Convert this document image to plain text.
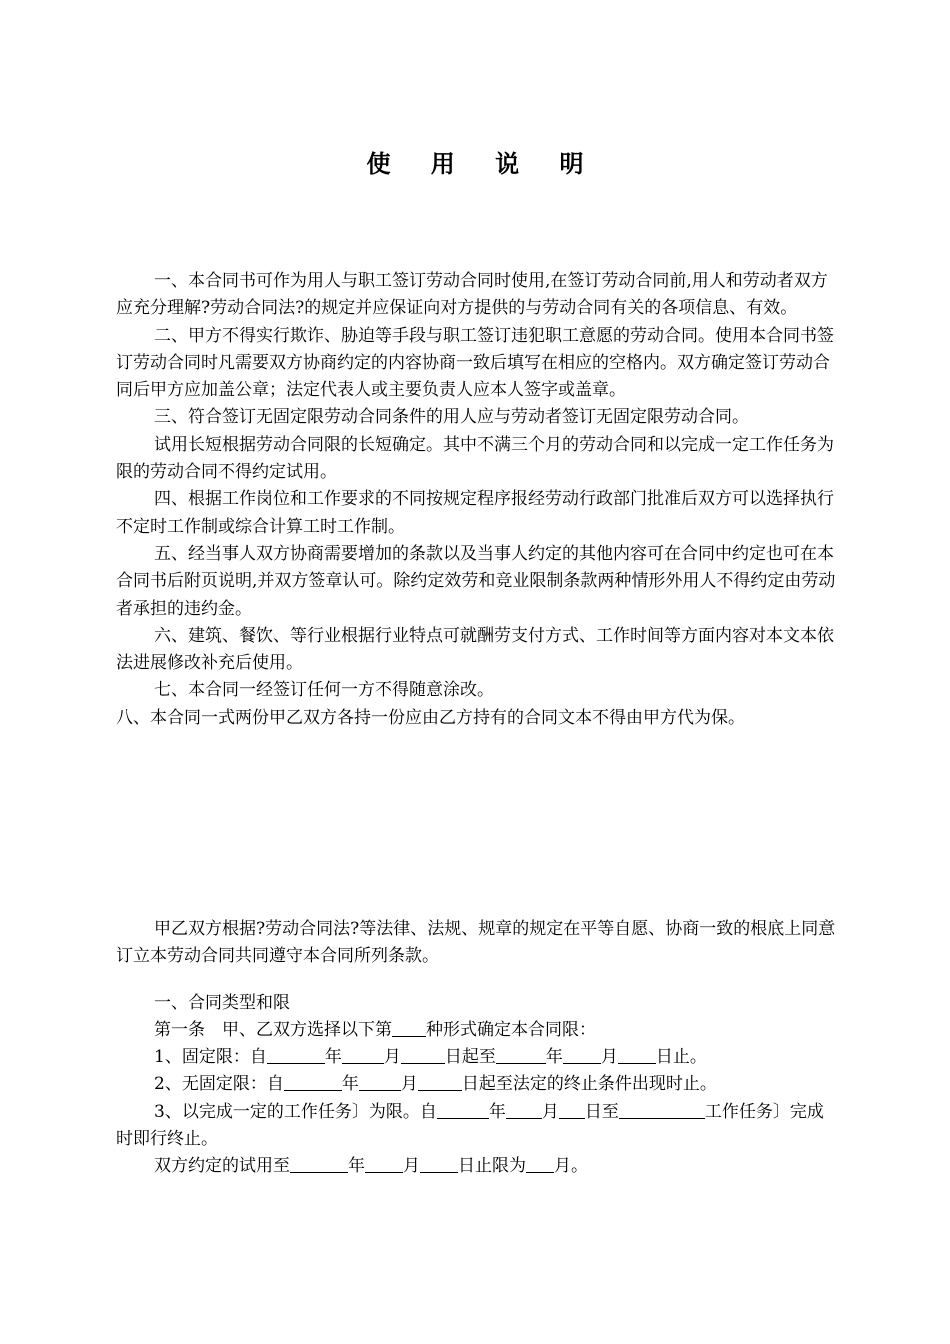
使 用 说 明

一、本合同书可作为用人与职工签订劳动合同时使用,在签订劳动合同前,用人和劳动者双方应充分理解?劳动合同法?的规定并应保证向对方提供的与劳动合同有关的各项信息、有效。

二、甲方不得实行欺诈、胁迫等手段与职工签订违犯职工意愿的劳动合同。使用本合同书签订劳动合同时凡需要双方协商约定的内容协商一致后填写在相应的空格内。双方确定签订劳动合同后甲方应加盖公章；法定代表人或主要负责人应本人签字或盖章。

三、符合签订无固定限劳动合同条件的用人应与劳动者签订无固定限劳动合同。

试用长短根据劳动合同限的长短确定。其中不满三个月的劳动合同和以完成一定工作任务为限的劳动合同不得约定试用。

四、根据工作岗位和工作要求的不同按规定程序报经劳动行政部门批准后双方可以选择执行不定时工作制或综合计算工时工作制。

五、经当事人双方协商需要增加的条款以及当事人约定的其他内容可在合同中约定也可在本合同书后附页说明,并双方签章认可。除约定效劳和竞业限制条款两种情形外用人不得约定由劳动者承担的违约金。

六、建筑、餐饮、等行业根据行业特点可就酬劳支付方式、工作时间等方面内容对本文本依法进展修改补充后使用。

七、本合同一经签订任何一方不得随意涂改。

八、本合同一式两份甲乙双方各持一份应由乙方持有的合同文本不得由甲方代为保。

甲乙双方根据?劳动合同法?等法律、法规、规章的规定在平等自愿、协商一致的根底上同意订立本劳动合同共同遵守本合同所列条款。

一、合同类型和限

第一条　甲、乙双方选择以下第 种形式确定本合同限：

1、固定限：自	年 月	日起至	年 月 日止。

2、无固定限：自	年 月	日起至法定的终止条件出现时止。

3、以完成一定的工作任务〕为限。自	年 月 日至	工作任务〕完成时即行终止。

双方约定的试用至	年 月 日止限为 月。
